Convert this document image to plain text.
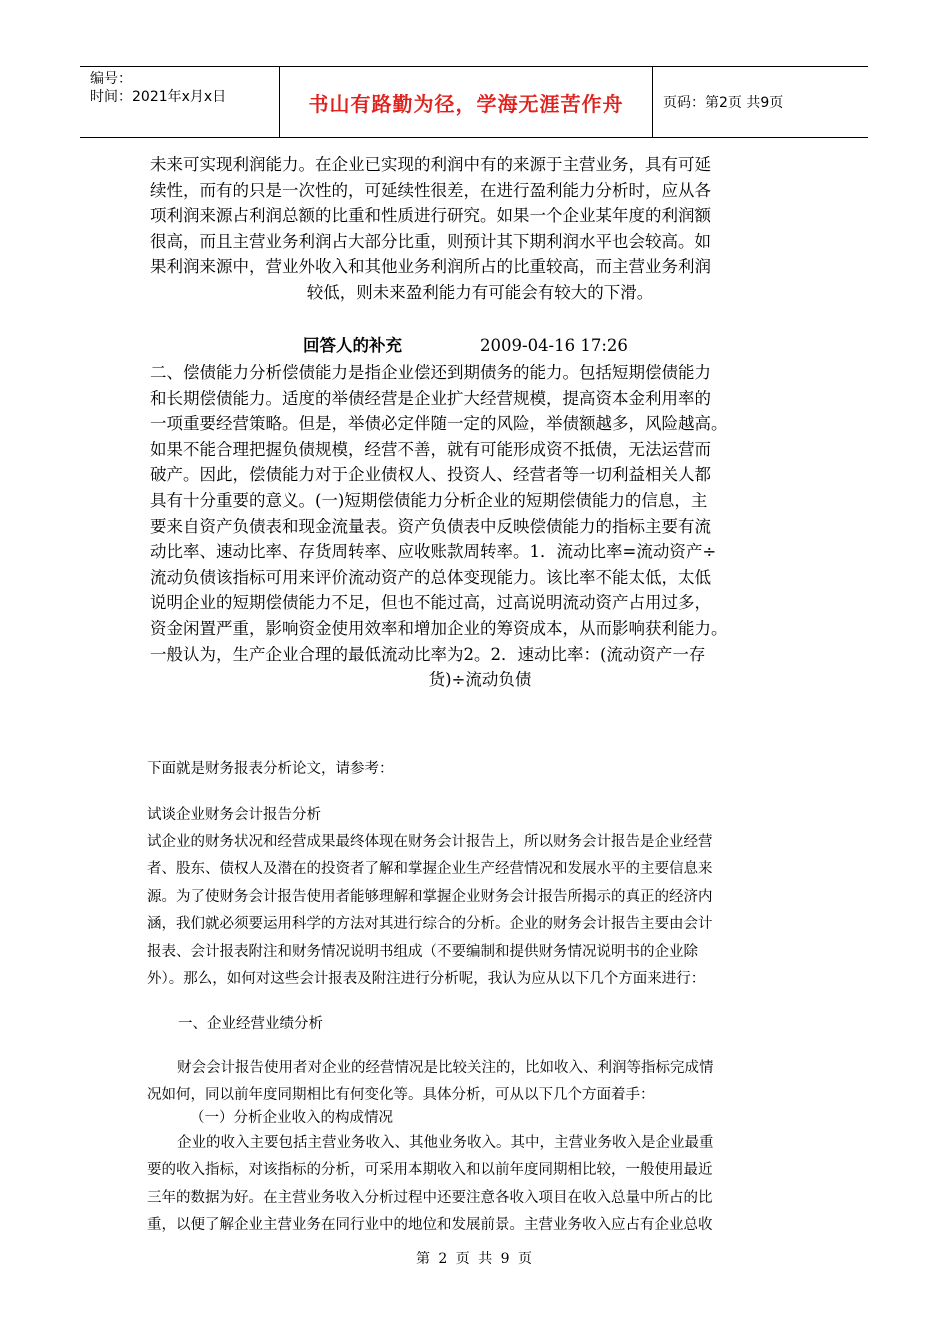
编号：
时间：2021年x月x日	书山有路勤为径，学海无涯苦作舟	页码：第2页 共9页

未来可实现利润能力。在企业已实现的利润中有的来源于主营业务，具有可延

续性，而有的只是一次性的，可延续性很差，在进行盈利能力分析时，应从各

项利润来源占利润总额的比重和性质进行研究。如果一个企业某年度的利润额

很高，而且主营业务利润占大部分比重，则预计其下期利润水平也会较高。如

果利润来源中，营业外收入和其他业务利润所占的比重较高，而主营业务利润

较低，则未来盈利能力有可能会有较大的下滑。

回答人的补充	2009-04-16 17:26

二、偿债能力分析偿债能力是指企业偿还到期债务的能力。包括短期偿债能力

和长期偿债能力。适度的举债经营是企业扩大经营规模，提高资本金利用率的

一项重要经营策略。但是，举债必定伴随一定的风险，举债额越多，风险越高。

如果不能合理把握负债规模，经营不善，就有可能形成资不抵债，无法运营而

破产。因此，偿债能力对于企业债权人、投资人、经营者等一切利益相关人都

具有十分重要的意义。(一)短期偿债能力分析企业的短期偿债能力的信息，主

要来自资产负债表和现金流量表。资产负债表中反映偿债能力的指标主要有流

动比率、速动比率、存货周转率、应收账款周转率。1．流动比率=流动资产÷

流动负债该指标可用来评价流动资产的总体变现能力。该比率不能太低，太低

说明企业的短期偿债能力不足，但也不能过高，过高说明流动资产占用过多，

资金闲置严重，影响资金使用效率和增加企业的筹资成本，从而影响获利能力。

一般认为，生产企业合理的最低流动比率为2。2．速动比率：(流动资产一存

货)÷流动负债

下面就是财务报表分析论文，请参考：

试谈企业财务会计报告分析

试企业的财务状况和经营成果最终体现在财务会计报告上，所以财务会计报告是企业经营

者、股东、债权人及潜在的投资者了解和掌握企业生产经营情况和发展水平的主要信息来

源。为了使财务会计报告使用者能够理解和掌握企业财务会计报告所揭示的真正的经济内

涵，我们就必须要运用科学的方法对其进行综合的分析。企业的财务会计报告主要由会计

报表、会计报表附注和财务情况说明书组成（不要编制和提供财务情况说明书的企业除

外）。那么，如何对这些会计报表及附注进行分析呢，我认为应从以下几个方面来进行：

一、企业经营业绩分析

财会会计报告使用者对企业的经营情况是比较关注的，比如收入、利润等指标完成情

况如何，同以前年度同期相比有何变化等。具体分析，可从以下几个方面着手：

（一）分析企业收入的构成情况

企业的收入主要包括主营业务收入、其他业务收入。其中，主营业务收入是企业最重

要的收入指标，对该指标的分析，可采用本期收入和以前年度同期相比较，一般使用最近

三年的数据为好。在主营业务收入分析过程中还要注意各收入项目在收入总量中所占的比

重，以便了解企业主营业务在同行业中的地位和发展前景。主营业务收入应占有企业总收

第 2 页 共 9 页
